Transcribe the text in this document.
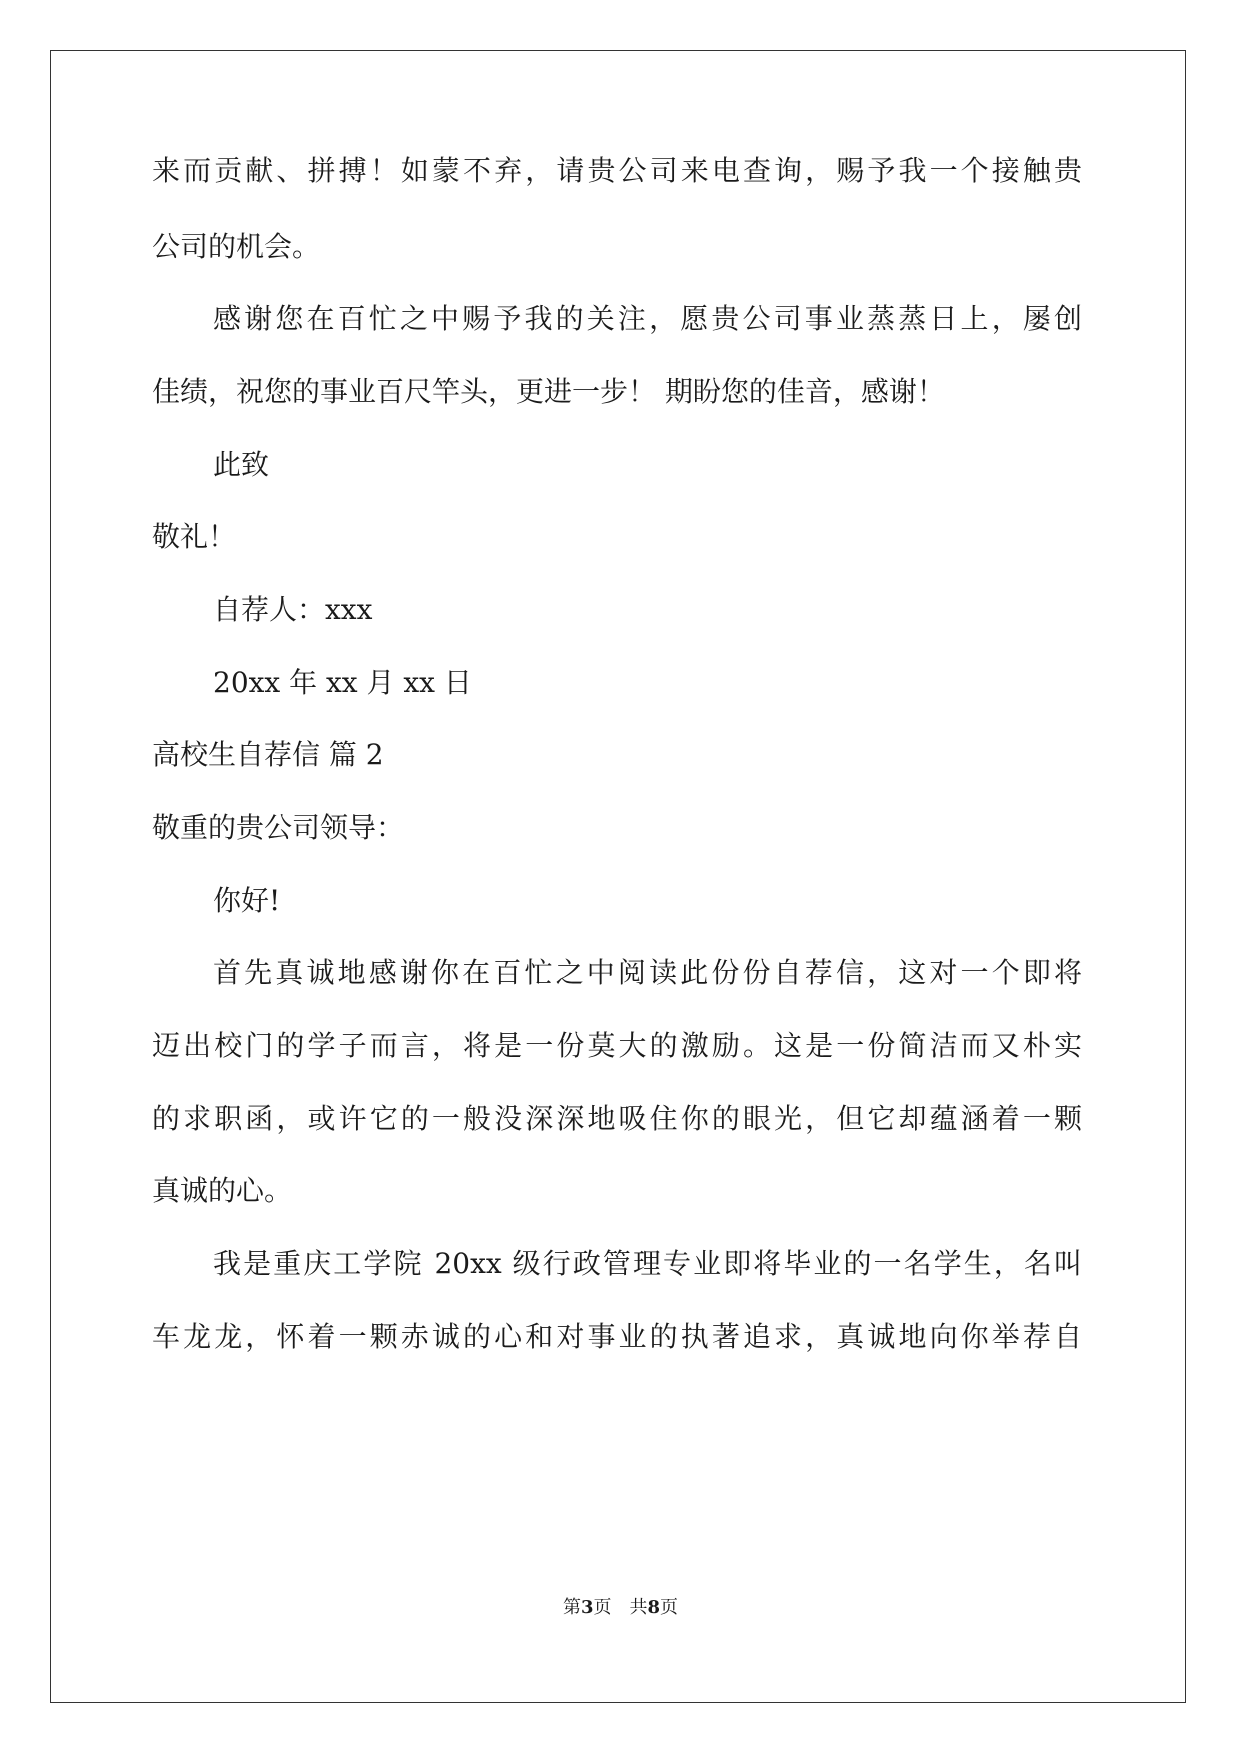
来而贡献、拼搏！如蒙不弃，请贵公司来电查询，赐予我一个接触贵
公司的机会。
感谢您在百忙之中赐予我的关注，愿贵公司事业蒸蒸日上，屡创
佳绩，祝您的事业百尺竿头，更进一步！ 期盼您的佳音，感谢！
此致
敬礼！
自荐人：xxx
20xx 年 xx 月 xx 日
高校生自荐信 篇 2
敬重的贵公司领导：
你好!
首先真诚地感谢你在百忙之中阅读此份份自荐信，这对一个即将
迈出校门的学子而言，将是一份莫大的激励。这是一份简洁而又朴实
的求职函，或许它的一般没深深地吸住你的眼光，但它却蕴涵着一颗
真诚的心。
我是重庆工学院 20xx 级行政管理专业即将毕业的一名学生，名叫
车龙龙，怀着一颗赤诚的心和对事业的执著追求，真诚地向你举荐自
第3页　共8页
